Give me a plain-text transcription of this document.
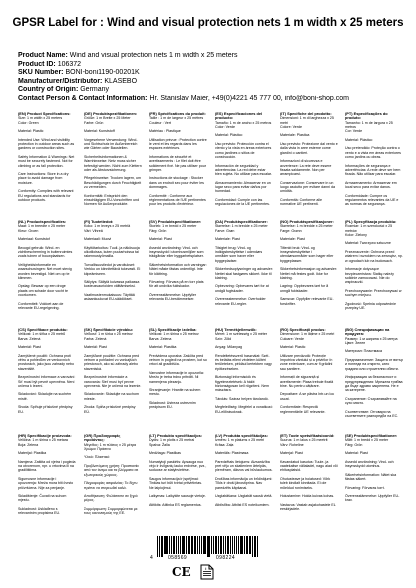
GPSR Label for : Wind and visual protection nets 1 m width x 25 meters
Product Name: Wind and visual protection nets 1 m width x 25 meters
Product ID: 106372
SKU Number: BONI-boni1190-00201K
Manufacturer/Distributor: KLASEBO
Country of Origin: Germany
Contact Person & Contact Information: Hr. Stanislav Maier, +49(0)4221 45 777 00, info@boni-shop.com

(EN) Product Specifications:

Size: 1 m width x 25 meters
Color: Green

Material: Plastic

Intended Use: Wind and visibility protection in outdoor areas such as gardens or construction sites.

Safety Information & Warnings: Net must be securely fastened. Not for climbing or as fall protection.

Care Instructions: Store in a dry place to avoid damage from moisture.

Conformity: Complies with relevant EU regulations and standards for outdoor products.

(DE) Produktspezifikationen:

Größe: 1 m Breite x 25 Meter
Farbe: Grün

Material: Kunststoff

Vorgesehene Verwendung: Wind- und Sichtschutz im Außenbereich wie Gärten oder Baustellen.

Sicherheitsinformationen & Warnhinweise: Netz muss sicher befestigt werden. Nicht zum Klettern oder als Absturzsicherung.

Pflegehinweise: Trocken lagern, um Beschädigungen durch Feuchtigkeit zu vermeiden.

Konformität: Entspricht den einschlägigen EU-Vorschriften und Normen für Außenprodukte.

(FR) Spécifications du produit:

Taille : 1 m de largeur x 25 mètres
Couleur : Vert

Matériau : Plastique

Utilisation prévue : Protection contre le vent et les regards dans les espaces extérieurs.

Informations de sécurité et avertissements : Le filet doit être solidement fixé. Ne pas utiliser pour grimper.

Instructions de stockage : Stocker dans un endroit sec pour éviter les dommages.

Conformité : Conforme aux réglementations de l'UE pertinentes pour les produits d'extérieur.

(ES) Especificaciones del producto:

Tamaño: 1 m de ancho x 25 metros
Color: Verde

Material: Plástico

Uso previsto: Protección contra el viento y la vista en áreas exteriores como jardines o sitios de construcción.

Información de seguridad y advertencias: La red debe estar bien sujeta. No utilizar para escalar.

Almacenamiento: Almacenar en un lugar seco para evitar daños por humedad.

Conformidad: Cumple con las regulaciones de la UE pertinentes.

(IT) Specifiche del prodotto:

Dimensioni: 1 m di larghezza x 25 metri
Colore: Verde

Materiale: Plastica

Uso previsto: Protezione dal vento e dalla vista in aree esterne come giardini o cantieri.

Informazioni di sicurezza e avvertenze: La rete deve essere fissata saldamente. Non per arrampicarsi.

Conservazione: Conservare in un luogo asciutto per evitare danni da umidità.

Conformità: Conforme alle normative UE pertinenti.

(PT) Especificações do produto:

Tamanho: 1 m de largura x 25 metros
Cor: Verde

Material: Plástico

Uso pretendido: Proteção contra o vento e a vista em áreas exteriores como jardins ou obras.

Informações de segurança e advertências: A rede deve ser bem fixada. Não utilizar para escalar.

Armazenamento: Armazenar em local seco para evitar danos.

Conformidade: Cumpre os regulamentos relevantes da UE e as normas de segurança.

(NL) Productspecificaties:

Maat: 1 m breedte x 25 meter
Kleur: Groen

Materiaal: Kunststof

Beoogd gebruik: Wind- en zichtbescherming in buitenruimtes zoals tuinen of bouwplaatsen.

Veiligheidsinformatie en waarschuwingen: Net moet stevig worden bevestigd. Niet om op te klimmen.

Opslag: Bewaar op een droge plaats om schade door vocht te voorkomen.

Conformiteit: Voldoet aan de relevante EU-regelgeving.

(FI) Tuotetiedot:

Koko: 1 m leveys x 25 metriä
Väri: Vihreä

Materiaali: Muovi

Käyttötarkoitus: Tuuli- ja näkösuoja ulkotiloissa, kuten puutarhoissa tai rakennustyömailla.

Turvallisuustiedot ja varoitukset: Verkko on kiinnitettävä tukevasti. Ei kiipeämiseen.

Säilytys: Säilytä kuivassa paikassa kosteusvaurioiden välttämiseksi.

Vaatimustenmukaisuus: Täyttää asiaankuuluvat EU-säädökset.

(SV) Produktspecifikationer:

Storlek: 1 m bredd x 25 meter
Färg: Grön

Material: Plast

Avsedd användning: Vind- och insynsskydd i utomhusmiljöer som trädgårdar eller byggarbetsplatser.

Säkerhetsinformation och varningar: Nätet måste fästas ordentligt. Inte för klättring.

Förvaring: Förvara på en torr plats för att undvika fuktskador.

Överensstämmelse: Uppfyller relevanta EU-bestämmelser.

(DA) Produktspecifikationer:

Størrelse: 1 m bredde x 25 meter
Farve: Grøn

Materiale: Plast

Tilsigtet brug: Vind- og indkigsbeskyttelse i udendørs områder som haver eller byggepladser.

Sikkerhedsoplysninger og advarsler: Nettet skal fastgøres sikkert. Ikke til klatring.

Opbevaring: Opbevares tørt for at undgå fugtskader.

Overensstemmelse: Overholder relevante EU-regler.

(NO) Produktspesifikasjoner:

Størrelse: 1 m bredde x 25 meter
Farge: Grønn

Materiale: Plast

Tiltenkt bruk: Vind- og innsynsbeskyttelse i utendørsområder som hager eller byggeplasser.

Sikkerhetsinformasjon og advarsler: Nettet må festes godt. Ikke for klatring.

Lagring: Oppbevares tørt for å unngå fuktskader.

Samsvar: Oppfyller relevante EU-forskrifter.

(PL) Specyfikacja produktu:

Rozmiar: 1 m szerokości x 25 metrów
Kolor: Zielony

Materiał: Tworzywo sztuczne

Przeznaczenie: Ochrona przed wiatrem i wzrokiem na zewnątrz, np. w ogrodach lub na budowach.

Informacje dotyczące bezpieczeństwa: Siatkę należy solidnie zamocować. Nie do wspinaczki.

Przechowywanie: Przechowywać w suchym miejscu.

Zgodność: Spełnia odpowiednie przepisy UE.

(CS) Specifikace produktu:

Velikost: 1 m šířka x 25 metrů
Barva: Zelená

Materiál: Plast

Zamýšlené použití: Ochrana proti větru a pohledům ve venkovních prostorách, jako jsou zahrady nebo staveniště.

Bezpečnostní informace a varování: Síť musí být pevně upevněna. Není určena k lezení.

Skladování: Skladujte na suchém místě.

Shoda: Splňuje příslušné předpisy EU.

(SK) Špecifikácie výrobku:

Veľkosť: 1 m šírka x 25 metrov
Farba: Zelená

Materiál: Plast

Zamýšľané použitie: Ochrana pred vetrom a pohľadmi vo vonkajších priestoroch, ako sú záhrady alebo staveniská.

Bezpečnostné informácie a varovania: Sieť musí byť pevne upevnená. Nie je určená na lezenie.

Skladovanie: Skladujte na suchom mieste.

Zhoda: Spĺňa príslušné predpisy EÚ.

(SL) Specifikacije izdelka:

Velikost: 1 m širina x 25 metrov
Barva: Zelena

Material: Plastika

Predvidena uporaba: Zaščita pred vetrom in pogledi na prostem, kot so vrtovi ali gradbišča.

Varnostne informacije in opozorila: Mrežo je treba trdno pritrditi. Ni namenjena plezanju.

Shranjevanje: Hranite na suhem mestu.

Skladnost: Ustreza ustreznim predpisom EU.

(HU) Termékjellemzők:

Méret: 1 m szélesség x 25 méter
Szín: Zöld

Anyag: Műanyag

Rendeltetésszerű használat: Szél- és belátás elleni védelem kültéri területeken, például kertekben vagy építkezéseken.

Biztonsági információk és figyelmeztetések: A hálót biztonságosan kell rögzíteni. Nem mászásra.

Tárolás: Száraz helyen tárolandó.

Megfelelőség: Megfelel a vonatkozó EU-előírásoknak.

(RO) Specificații produs:

Dimensiune: 1 m lățime x 25 metri
Culoare: Verde

Material: Plastic

Utilizare prevăzută: Protecție împotriva vântului și a privirilor în zone exterioare, cum ar fi grădini sau șantiere.

Informații de siguranță și avertismente: Plasa trebuie fixată bine. Nu pentru cățărare.

Depozitare: A se păstra într-un loc uscat.

Conformitate: Respectă reglementările UE relevante.

(BG) Спецификации на продукта:

Размер: 1 м ширина x 25 метра
Цвят: Зелен

Материал: Пластмаса

Предназначение: Защита от вятър и погледи на открито, като градини или строителни обекти.

Информация за безопасност и предупреждения: Мрежата трябва да бъде здраво закрепена. Не е за катерене.

Съхранение: Съхранявайте на сухо място.

Съответствие: Отговаря на съответните разпоредби на ЕС.

(HR) Specifikacije proizvoda:

Veličina: 1 m širina x 25 metara
Boja: Zelena

Materijal: Plastika

Namjena: Zaštita od vjetra i pogleda na otvorenom, npr. u vrtovima ili na gradilištima.

Sigurnosne informacije i upozorenja: Mreža mora biti čvrsto pričvršćena. Nije za penjanje.

Skladištenje: Čuvati na suhom mjestu.

Sukladnost: Usklađeno s relevantnim propisima EU.

(GR) Προδιαγραφές προϊόντος:

Μέγεθος: 1 m πλάτος x 25 μέτρα
Χρώμα: Πράσινο

Υλικό: Πλαστικό

Προβλεπόμενη χρήση: Προστασία από τον άνεμο και τα βλέμματα σε εξωτερικούς χώρους.

Πληροφορίες ασφαλείας: Το δίχτυ πρέπει να στερεωθεί καλά.

Αποθήκευση: Φυλάσσετε σε ξηρό μέρος.

Συμμόρφωση: Συμμορφώνεται με τους κανονισμούς της ΕΕ.

(LT) Produkto specifikacijos:

Dydis: 1 m plotis x 25 metrai
Spalva: Žalia

Medžiaga: Plastikas

Numatytoji paskirtis: Apsauga nuo vėjo ir žvilgsnių lauko erdvėse, pvz., soduose ar statybvietėse.

Saugos informacija ir įspėjimai: Tinklas turi būti tvirtai pritvirtintas. Ne laipiojimui.

Laikymas: Laikykite sausoje vietoje.

Atitiktis: Atitinka ES reglamentus.

(LV) Produkta specifikācijas:

Izmērs: 1 m platums x 25 metri
Krāsa: Zaļa

Materiāls: Plastmasa

Paredzētais lietojums: Aizsardzība pret vēju un skatieniem ārtelpās, piemēram, dārzos vai būvlaukumos.

Drošības informācija un brīdinājumi: Tīkls ir droši jānostiprina. Nav paredzēts kāpšanai.

Uzglabāšana: Uzglabāt sausā vietā.

Atbilstība: Atbilst ES noteikumiem.

(ET) Toote spetsifikatsioonid:

Suurus: 1 m laius x 25 meetrit
Värv: Roheline

Materjal: Plast

Kavandatud kasutus: Tuule- ja vaatekaitse välialadel, nagu aiad või ehitusplatsid.

Ohutusteave ja hoiatused: Võrk tuleb kindlalt kinnitada. Ei ole mõeldud ronimiseks.

Hoiustamine: Hoida kuivas kohas.

Vastavus: Vastab asjakohastele EL eeskirjadele.

(SE) Produktspecifikationer:

Mått: 1 m bredd x 25 meter
Färg: Grön

Material: Plast

Avsedd användning: Vind- och insynsskydd utomhus.

Säkerhetsinformation: Nätet ska fästas säkert.

Förvaring: Förvaras torrt.

Överensstämmelse: Uppfyller EU-krav.

4	058569	098224
CE	i
